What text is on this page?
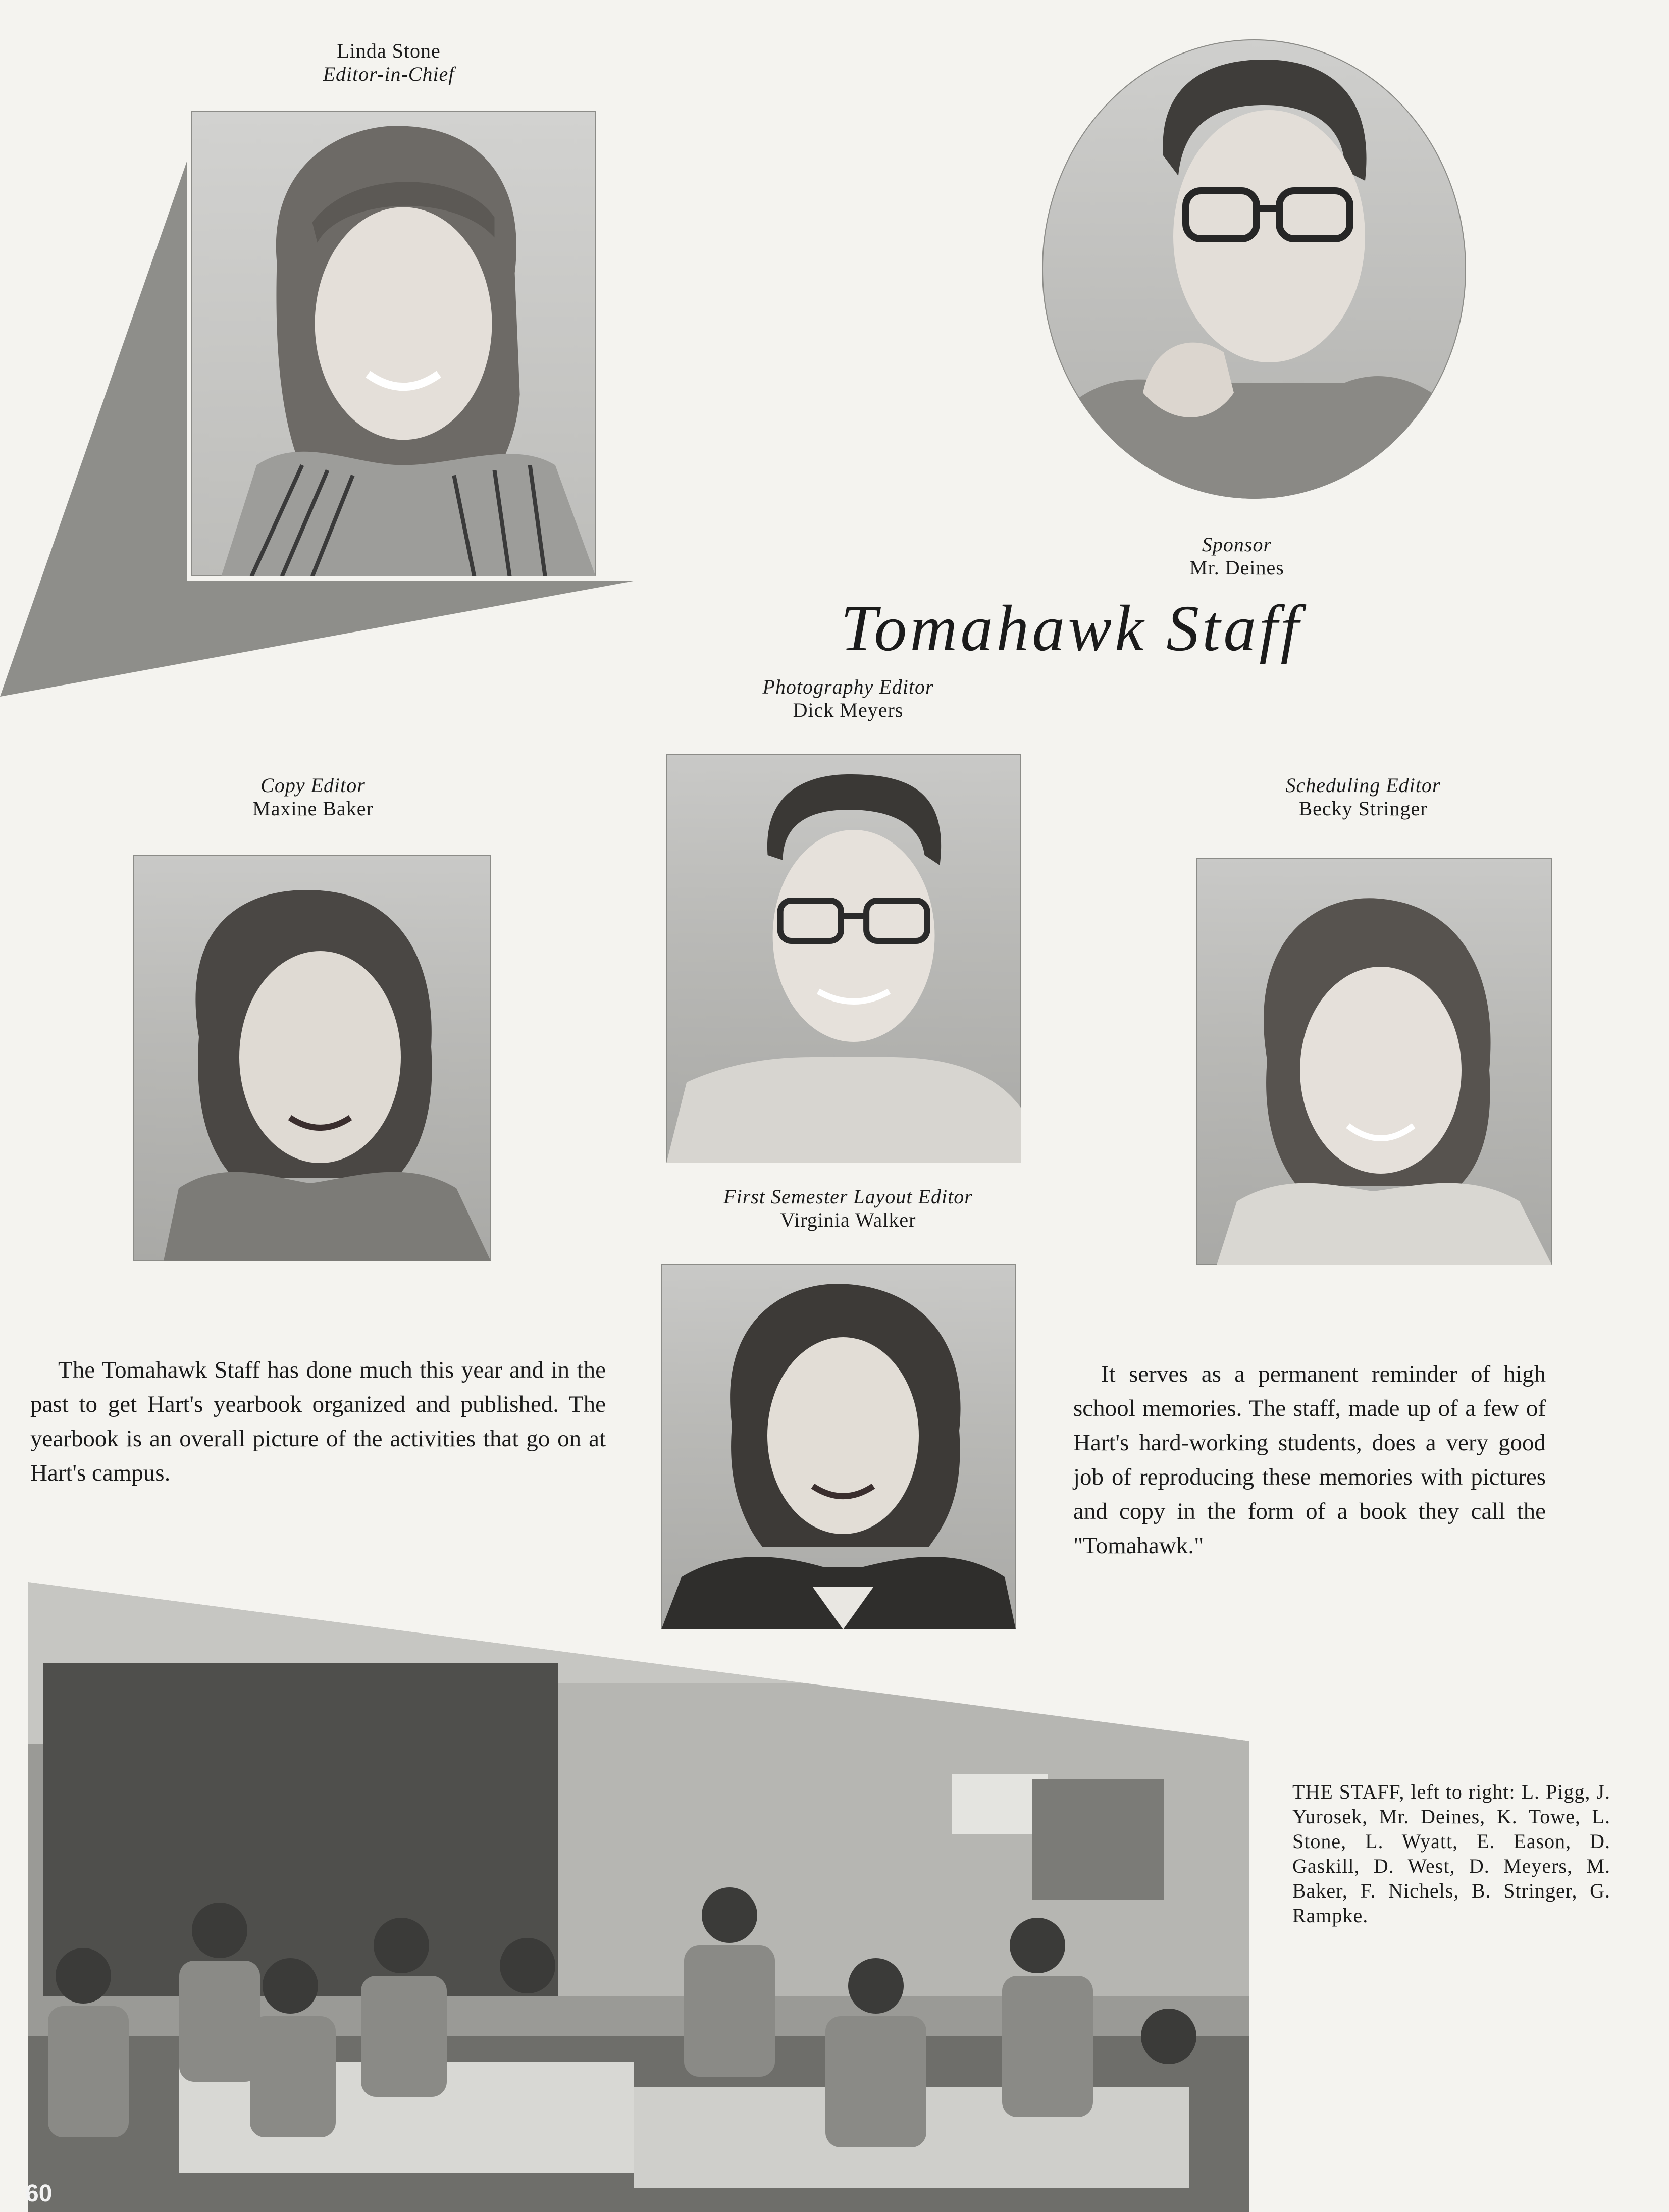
Linda Stone
Editor-in-Chief
Sponsor
Mr. Deines
Tomahawk Staff
Photography Editor
Dick Meyers
Copy Editor
Maxine Baker
Scheduling Editor
Becky Stringer
First Semester Layout Editor
Virginia Walker
The Tomahawk Staff has done much this year and in the past to get Hart's yearbook organized and published. The yearbook is an overall picture of the activities that go on at Hart's campus.
It serves as a permanent reminder of high school memories. The staff, made up of a few of Hart's hard-working students, does a very good job of reproducing these memories with pictures and copy in the form of a book they call the "Tomahawk."
60
THE STAFF, left to right: L. Pigg, J. Yurosek, Mr. Deines, K. Towe, L. Stone, L. Wyatt, E. Eason, D. Gaskill, D. West, D. Meyers, M. Baker, F. Nichels, B. Stringer, G. Rampke.
